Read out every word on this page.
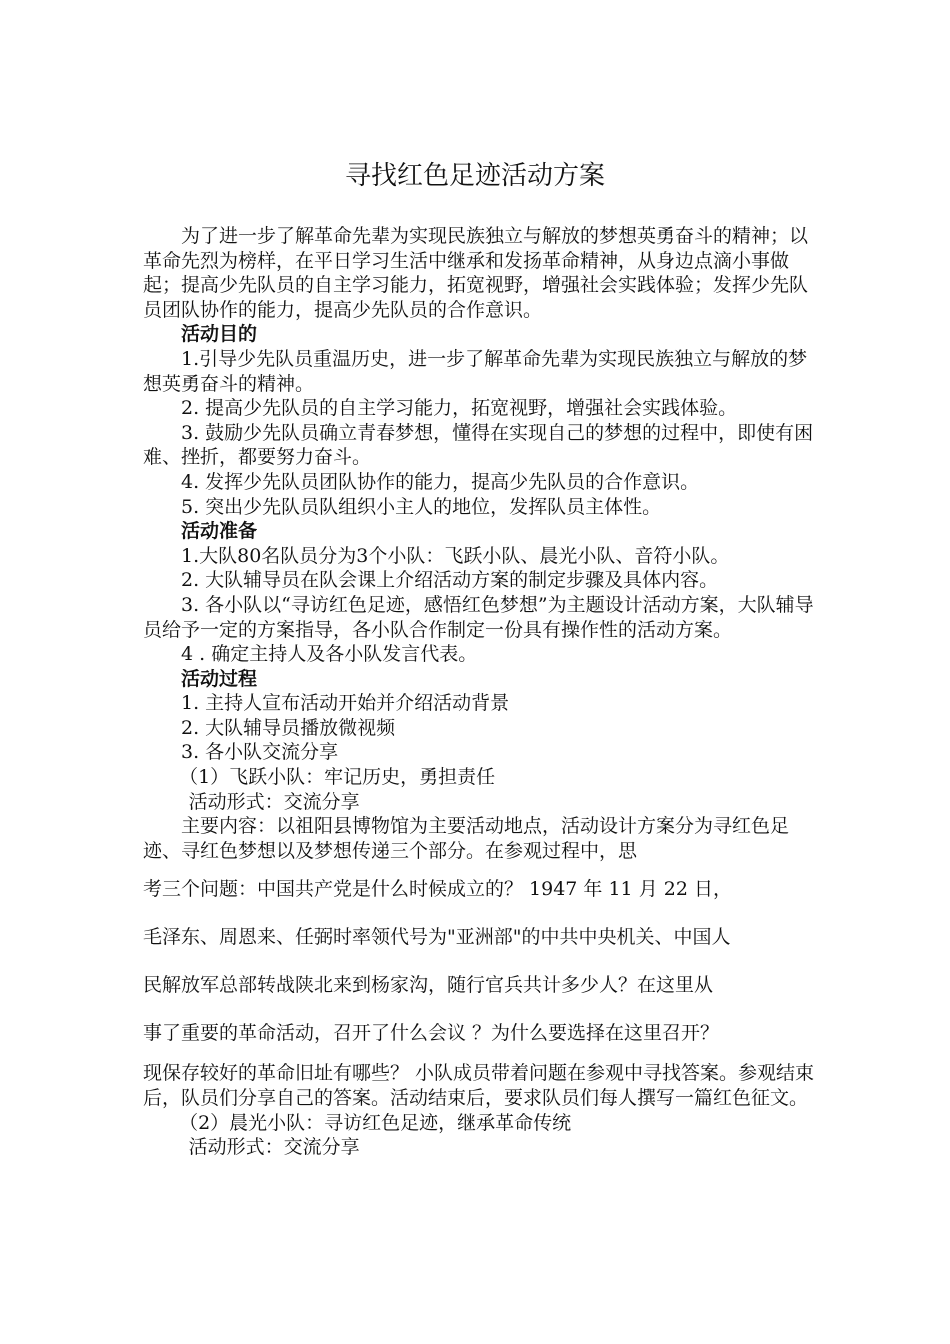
寻找红色足迹活动方案

为了进一步了解革命先辈为实现民族独立与解放的梦想英勇奋斗的精神；以革命先烈为榜样，在平日学习生活中继承和发扬革命精神，从身边点滴小事做起；提高少先队员的自主学习能力，拓宽视野，增强社会实践体验；发挥少先队员团队协作的能力，提高少先队员的合作意识。

活动目的

1.引导少先队员重温历史，进一步了解革命先辈为实现民族独立与解放的梦想英勇奋斗的精神。

2. 提高少先队员的自主学习能力，拓宽视野，增强社会实践体验。

3. 鼓励少先队员确立青春梦想，懂得在实现自己的梦想的过程中，即使有困难、挫折，都要努力奋斗。

4. 发挥少先队员团队协作的能力，提高少先队员的合作意识。

5. 突出少先队员队组织小主人的地位，发挥队员主体性。

活动准备

1.大队80名队员分为3个小队：飞跃小队、晨光小队、音符小队。

2. 大队辅导员在队会课上介绍活动方案的制定步骤及具体内容。

3. 各小队以“寻访红色足迹，感悟红色梦想”为主题设计活动方案，大队辅导员给予一定的方案指导，各小队合作制定一份具有操作性的活动方案。

4 . 确定主持人及各小队发言代表。

活动过程

1. 主持人宣布活动开始并介绍活动背景

2. 大队辅导员播放微视频

3. 各小队交流分享

（1）飞跃小队：牢记历史，勇担责任

活动形式：交流分享

主要内容：以祖阳县博物馆为主要活动地点，活动设计方案分为寻红色足迹、寻红色梦想以及梦想传递三个部分。在参观过程中，思

考三个问题：中国共产党是什么时候成立的？ 1947 年 11 月 22 日，

毛泽东、周恩来、任弼时率领代号为"亚洲部"的中共中央机关、中国人

民解放军总部转战陕北来到杨家沟，随行官兵共计多少人？在这里从

事了重要的革命活动，召开了什么会议 ？为什么要选择在这里召开？

现保存较好的革命旧址有哪些？ 小队成员带着问题在参观中寻找答案。参观结束后，队员们分享自己的答案。活动结束后，要求队员们每人撰写一篇红色征文。

（2）晨光小队：寻访红色足迹，继承革命传统

活动形式：交流分享
